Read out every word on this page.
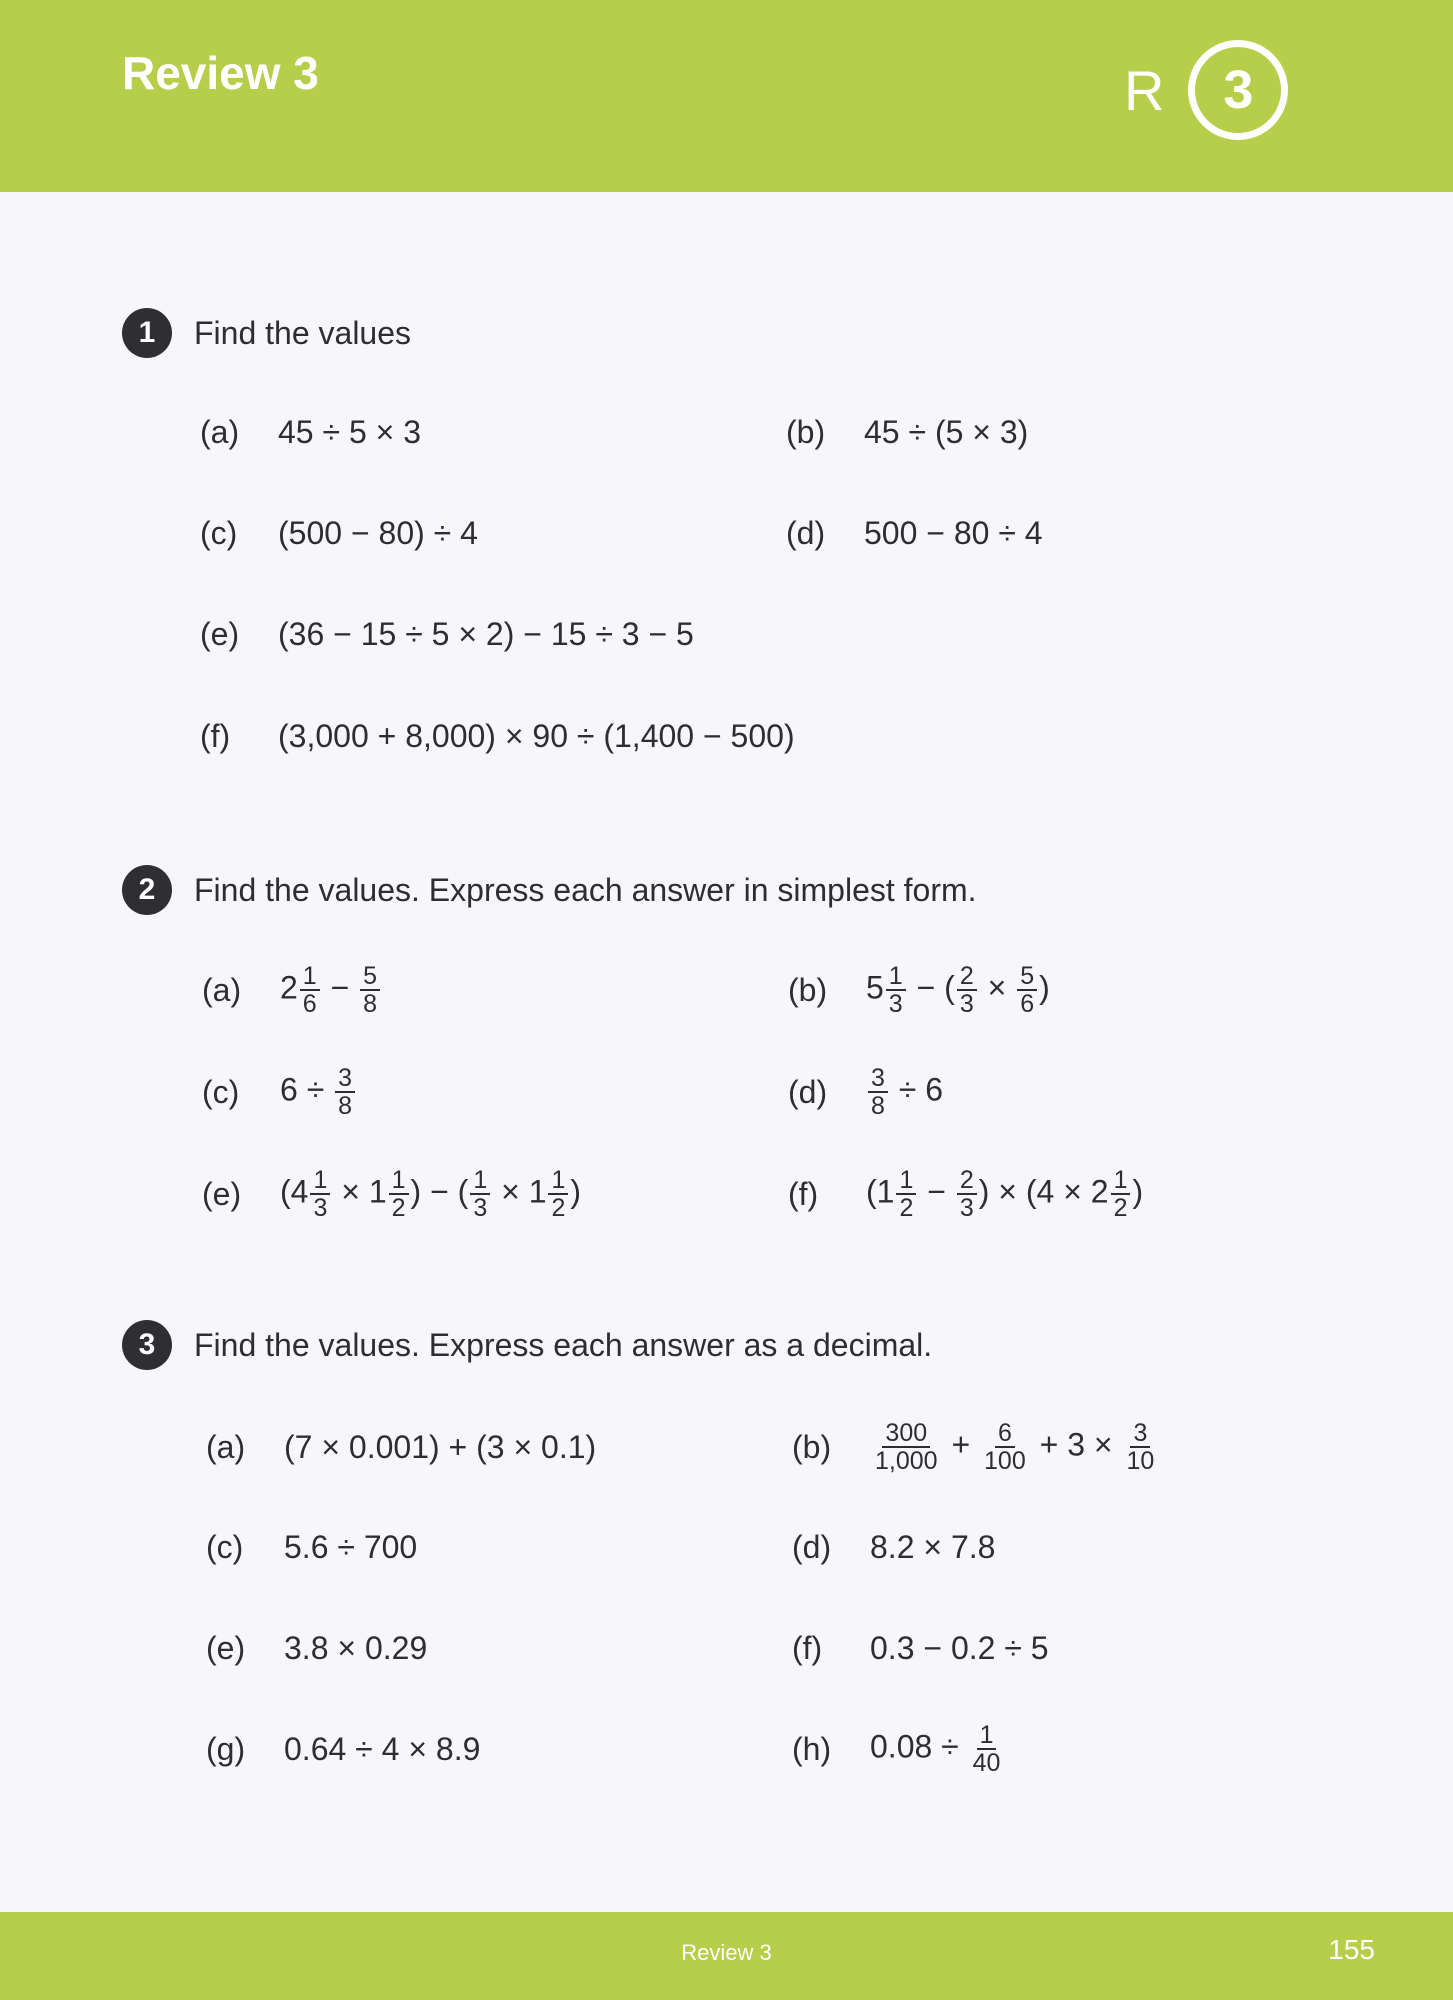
Review 3	R	3
1	Find the values
(a)	45 ÷ 5 × 3	(b)	45 ÷ (5 × 3)
(c)	(500 − 80) ÷ 4	(d)	500 − 80 ÷ 4
(e)	(36 − 15 ÷ 5 × 2) − 15 ÷ 3 − 5
(f)	(3,000 + 8,000) × 90 ÷ (1,400 − 500)
2	Find the values. Express each answer in simplest form.
(a)	$2 \frac{1}{6} - \frac{5}{8}$	(b)	$5 \frac{1}{3}$ − ( $\frac{2}{3} \times \frac{5}{6}$ )
(c)	$6 \div \frac{3}{8}$	(d)	$\frac{3}{8} \div 6$
(e)	($4 \frac{1}{3} \times 1 \frac{1}{2}$ ) − ( $\frac{1}{3} \times 1 \frac{1}{2}$ )	(f)	($1 \frac{1}{2} - \frac{2}{3}$ ) × ($4 \times 2 \frac{1}{2}$ )
3	Find the values. Express each answer as a decimal.
(a)	(7 × 0.001) + (3 × 0.1)	(b)	$\frac{300}{1,000} + \frac{6}{100} + 3 \times \frac{3}{10}$
(c)	5.6 ÷ 700	(d)	8.2 × 7.8
(e)	3.8 × 0.29	(f)	0.3 − 0.2 ÷ 5
(g)	0.64 ÷ 4 × 8.9	(h)	$0.08 \div \frac{1}{40}$
Review 3	155
